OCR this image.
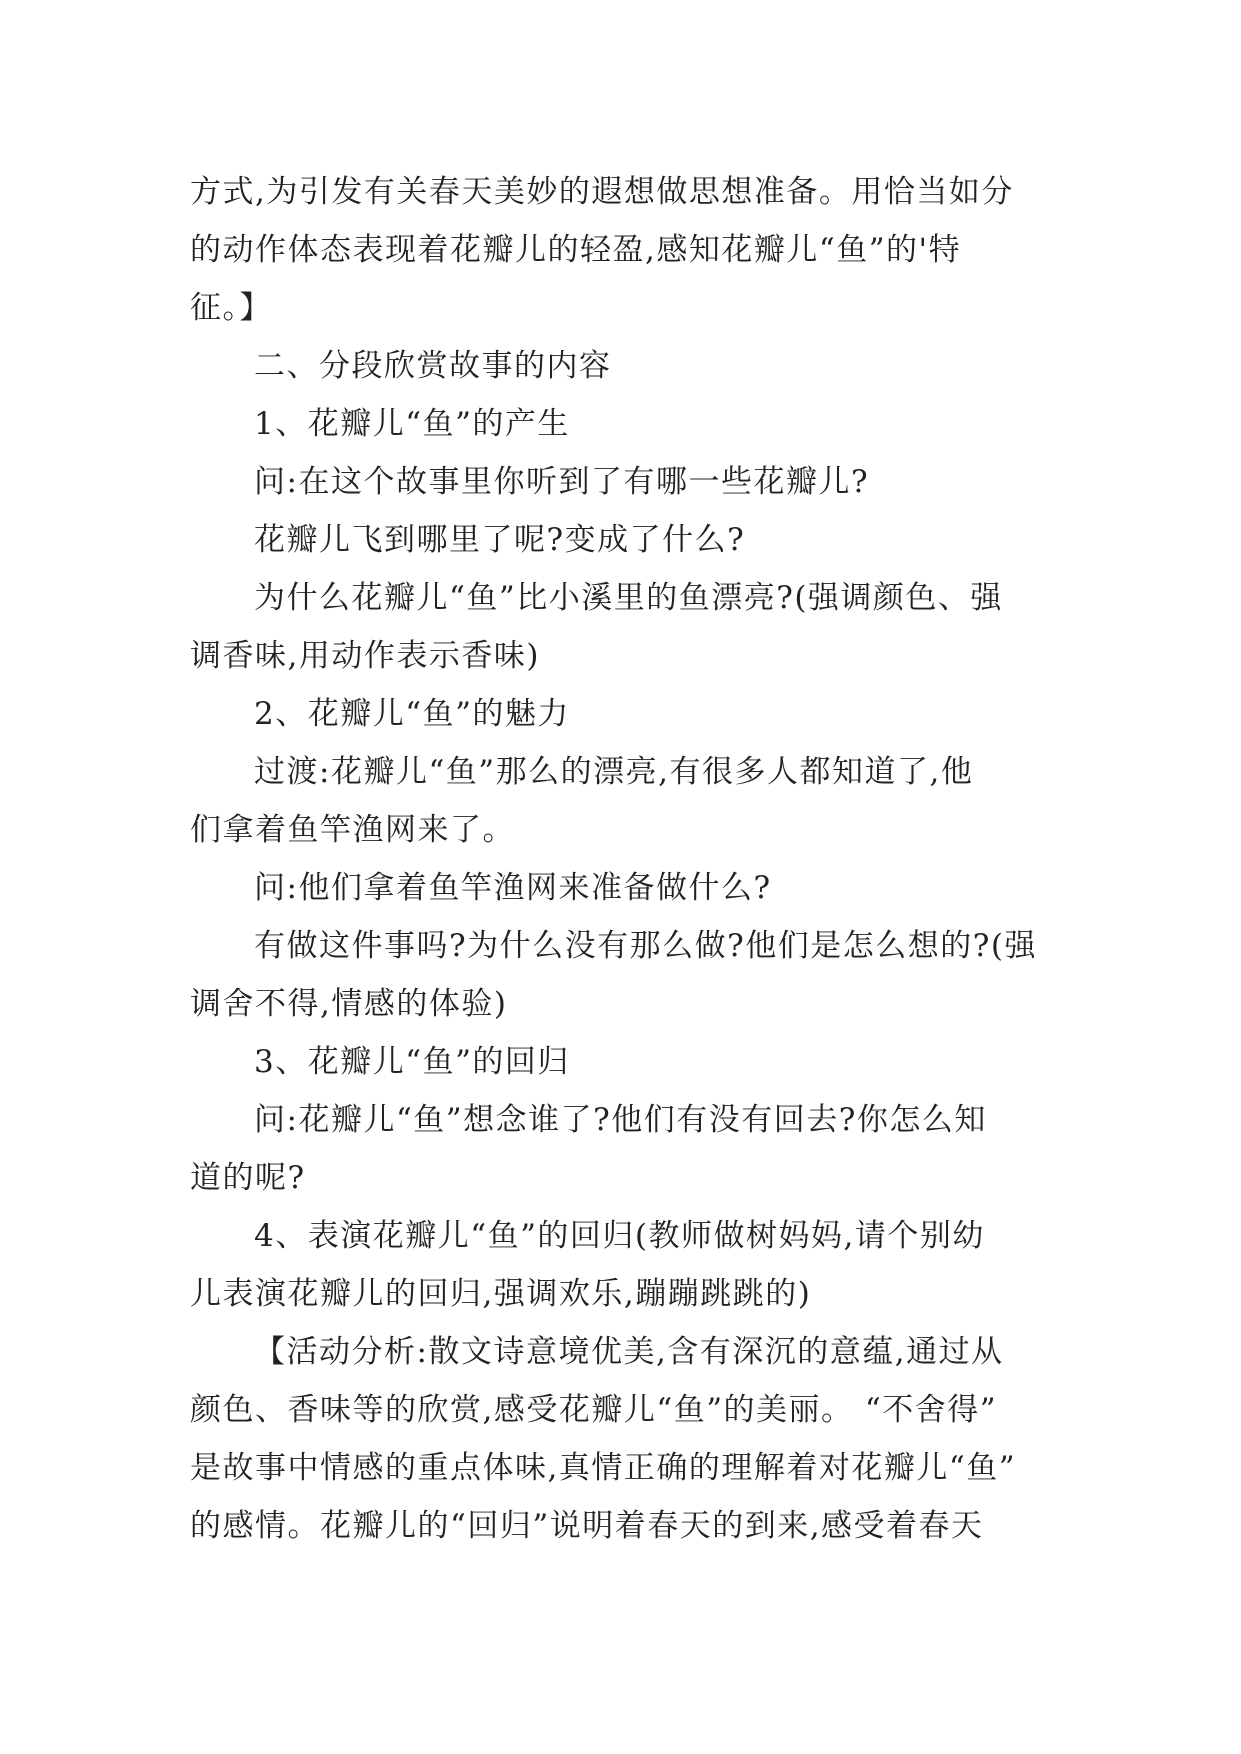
方式,为引发有关春天美妙的遐想做思想准备。用恰当如分
的动作体态表现着花瓣儿的轻盈,感知花瓣儿“鱼”的'特
征。】
二、分段欣赏故事的内容
1、花瓣儿“鱼”的产生
问:在这个故事里你听到了有哪一些花瓣儿?
花瓣儿飞到哪里了呢?变成了什么?
为什么花瓣儿“鱼”比小溪里的鱼漂亮?(强调颜色、强
调香味,用动作表示香味)
2、花瓣儿“鱼”的魅力
过渡:花瓣儿“鱼”那么的漂亮,有很多人都知道了,他
们拿着鱼竿渔网来了。
问:他们拿着鱼竿渔网来准备做什么?
有做这件事吗?为什么没有那么做?他们是怎么想的?(强
调舍不得,情感的体验)
3、花瓣儿“鱼”的回归
问:花瓣儿“鱼”想念谁了?他们有没有回去?你怎么知
道的呢?
4、表演花瓣儿“鱼”的回归(教师做树妈妈,请个别幼
儿表演花瓣儿的回归,强调欢乐,蹦蹦跳跳的)
【活动分析:散文诗意境优美,含有深沉的意蕴,通过从
颜色、香味等的欣赏,感受花瓣儿“鱼”的美丽。 “不舍得”
是故事中情感的重点体味,真情正确的理解着对花瓣儿“鱼”
的感情。花瓣儿的“回归”说明着春天的到来,感受着春天
